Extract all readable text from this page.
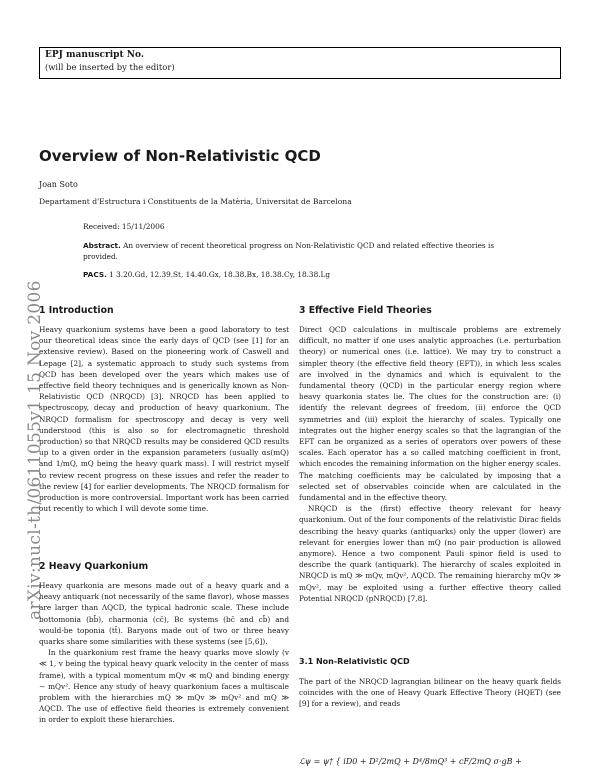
EPJ manuscript No.
(will be inserted by the editor)
arXiv:nucl-th/0611055v1 15 Nov 2006
Overview of Non-Relativistic QCD
Joan Soto
Departament d'Estructura i Constituents de la Matèria, Universitat de Barcelona
Received: 15/11/2006
Abstract. An overview of recent theoretical progress on Non-Relativistic QCD and related effective theories is provided.
PACS. 1 3.20.Gd, 12.39.St, 14.40.Gx, 18.38.Bx, 18.38.Cy, 18.38.Lg
1 Introduction

Heavy quarkonium systems have been a good laboratory to test our theoretical ideas since the early days of QCD (see [1] for an extensive review). Based on the pioneering work of Caswell and Lepage [2], a systematic approach to study such systems from QCD has been developed over the years which makes use of effective field theory techniques and is generically known as Non-Relativistic QCD (NRQCD) [3]. NRQCD has been applied to spectroscopy, decay and production of heavy quarkonium. The NRQCD formalism for spectroscopy and decay is very well understood (this is also so for electromagnetic threshold production) so that NRQCD results may be considered QCD results up to a given order in the expansion parameters (usually αs(mQ) and 1/mQ, mQ being the heavy quark mass). I will restrict myself to review recent progress on these issues and refer the reader to the review [4] for earlier developments. The NRQCD formalism for production is more controversial. Important work has been carried out recently to which I will devote some time.

2 Heavy Quarkonium

Heavy quarkonia are mesons made out of a heavy quark and a heavy antiquark (not necessarily of the same flavor), whose masses are larger than ΛQCD, the typical hadronic scale. These include bottomonia (bb̄), charmonia (cc̄), Bc systems (bc̄ and cb̄) and would-be toponia (tt̄). Baryons made out of two or three heavy quarks share some similarities with these systems (see [5,6]).

In the quarkonium rest frame the heavy quarks move slowly (v ≪ 1, v being the typical heavy quark velocity in the center of mass frame), with a typical momentum mQv ≪ mQ and binding energy ∼ mQv². Hence any study of heavy quarkonium faces a multiscale problem with the hierarchies mQ ≫ mQv ≫ mQv² and mQ ≫ ΛQCD. The use of effective field theories is extremely convenient in order to exploit these hierarchies.

3 Effective Field Theories

Direct QCD calculations in multiscale problems are extremely difficult, no matter if one uses analytic approaches (i.e. perturbation theory) or numerical ones (i.e. lattice). We may try to construct a simpler theory (the effective field theory (EFT)), in which less scales are involved in the dynamics and which is equivalent to the fundamental theory (QCD) in the particular energy region where heavy quarkonia states lie. The clues for the construction are: (i) identify the relevant degrees of freedom, (ii) enforce the QCD symmetries and (iii) exploit the hierarchy of scales. Typically one integrates out the higher energy scales so that the lagrangian of the EFT can be organized as a series of operators over powers of these scales. Each operator has a so called matching coefficient in front, which encodes the remaining information on the higher energy scales. The matching coefficients may be calculated by imposing that a selected set of observables coincide when are calculated in the fundamental and in the effective theory.

NRQCD is the (first) effective theory relevant for heavy quarkonium. Out of the four components of the relativistic Dirac fields describing the heavy quarks (antiquarks) only the upper (lower) are relevant for energies lower than mQ (no pair production is allowed anymore). Hence a two component Pauli spinor field is used to describe the quark (antiquark). The hierarchy of scales exploited in NRQCD is mQ ≫ mQv, mQv², ΛQCD. The remaining hierarchy mQv ≫ mQv², may be exploited using a further effective theory called Potential NRQCD (pNRQCD) [7,8].

3.1 Non-Relativistic QCD

The part of the NRQCD lagrangian bilinear on the heavy quark fields coincides with the one of Heavy Quark Effective Theory (HQET) (see [9] for a review), and reads

ℒψ = ψ† { iD0 + D²/2mQ + D⁴/8mQ³ + cF/2mQ σ·gB +
